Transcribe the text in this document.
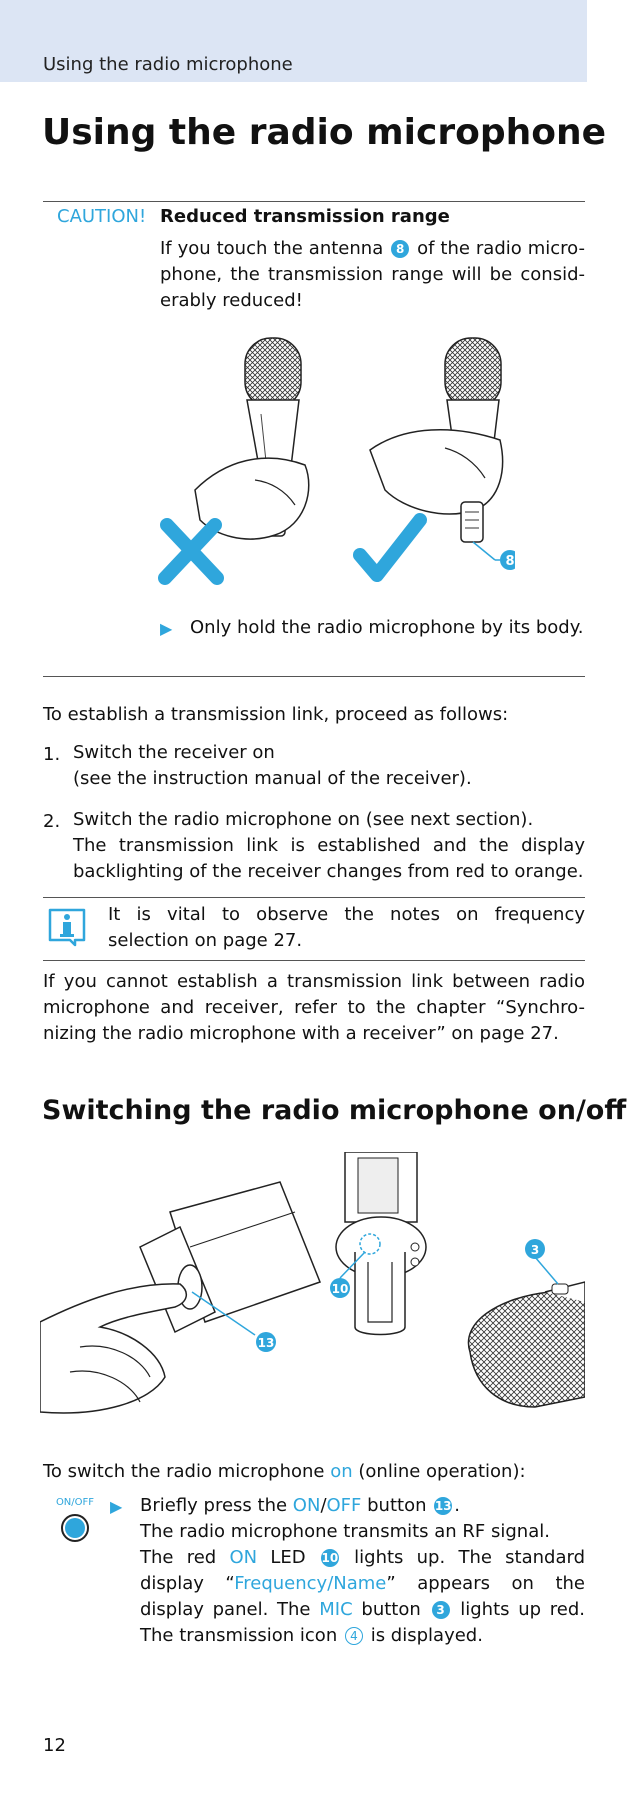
Using the radio microphone
Using the radio microphone
CAUTION! Reduced transmission range
If you touch the antenna 8 of the radio micro-phone, the transmission range will be consid-erably reduced!
8
▶ Only hold the radio microphone by its body.
To establish a transmission link, proceed as follows:
1. Switch the receiver on
(see the instruction manual of the receiver).
2. Switch the radio microphone on (see next section).
The transmission link is established and the display backlighting of the receiver changes from red to orange.
It is vital to observe the notes on frequency selection on page 27.
If you cannot establish a transmission link between radio microphone and receiver, refer to the chapter “Synchro-nizing the radio microphone with a receiver” on page 27.
Switching the radio microphone on/off
10
3
13
To switch the radio microphone on (online operation):
ON/OFF ▶ Briefly press the ON/OFF button 13 .
The radio microphone transmits an RF signal.
The red ON LED 10 lights up. The standard display “Frequency/Name” appears on the display panel. The MIC button 3 lights up red. The transmission icon 4 is displayed.
12
